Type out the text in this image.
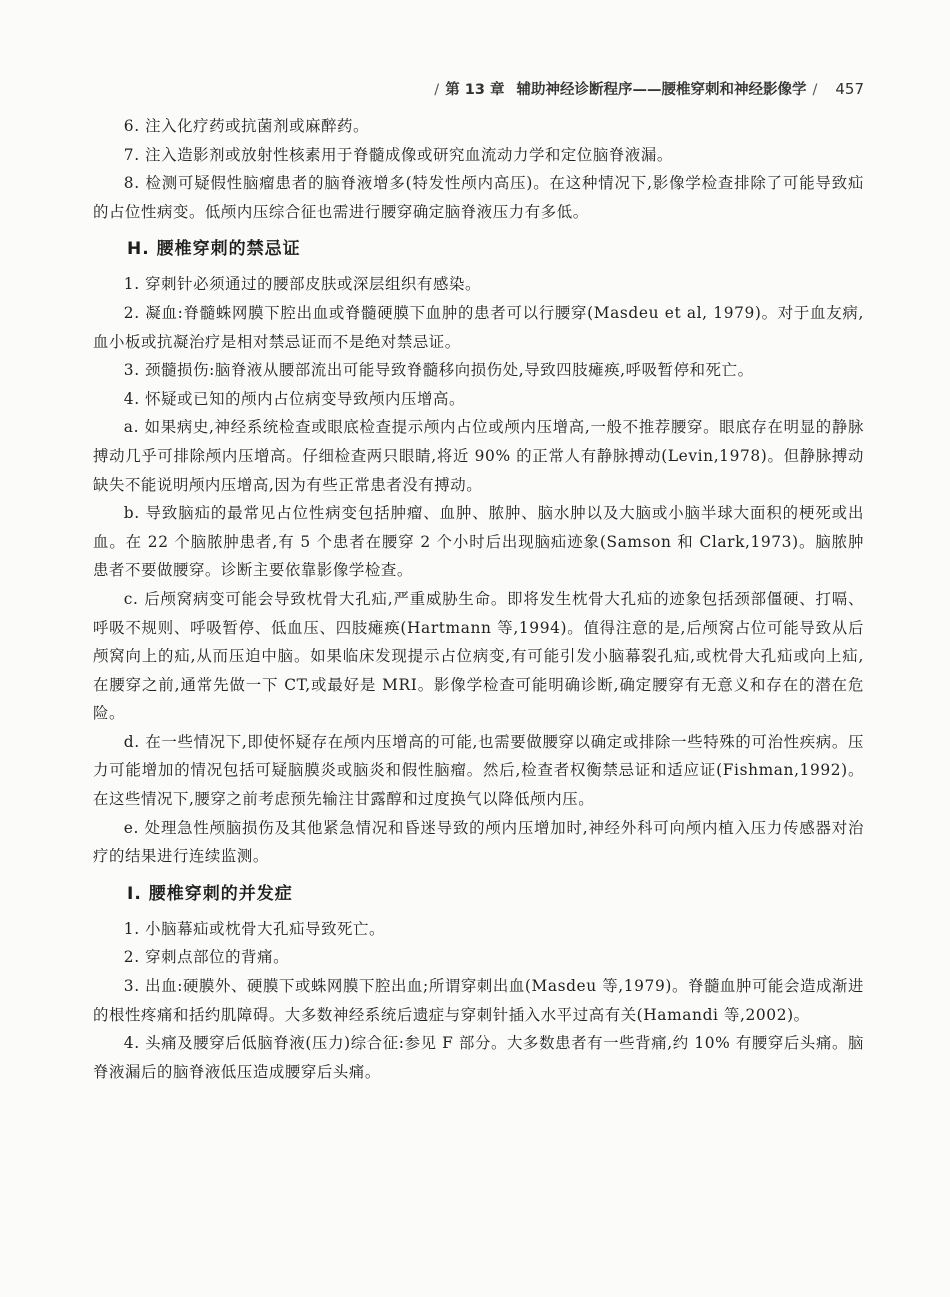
/ 第 13 章 辅助神经诊断程序——腰椎穿刺和神经影像学 / 457

6. 注入化疗药或抗菌剂或麻醉药。

7. 注入造影剂或放射性核素用于脊髓成像或研究血流动力学和定位脑脊液漏。

8. 检测可疑假性脑瘤患者的脑脊液增多(特发性颅内高压)。在这种情况下,影像学检查排除了可能导致疝的占位性病变。低颅内压综合征也需进行腰穿确定脑脊液压力有多低。

H. 腰椎穿刺的禁忌证

1. 穿刺针必须通过的腰部皮肤或深层组织有感染。

2. 凝血:脊髓蛛网膜下腔出血或脊髓硬膜下血肿的患者可以行腰穿(Masdeu et al, 1979)。对于血友病,血小板或抗凝治疗是相对禁忌证而不是绝对禁忌证。

3. 颈髓损伤:脑脊液从腰部流出可能导致脊髓移向损伤处,导致四肢瘫痪,呼吸暂停和死亡。

4. 怀疑或已知的颅内占位病变导致颅内压增高。

a. 如果病史,神经系统检查或眼底检查提示颅内占位或颅内压增高,一般不推荐腰穿。眼底存在明显的静脉搏动几乎可排除颅内压增高。仔细检查两只眼睛,将近 90% 的正常人有静脉搏动(Levin,1978)。但静脉搏动缺失不能说明颅内压增高,因为有些正常患者没有搏动。

b. 导致脑疝的最常见占位性病变包括肿瘤、血肿、脓肿、脑水肿以及大脑或小脑半球大面积的梗死或出血。在 22 个脑脓肿患者,有 5 个患者在腰穿 2 个小时后出现脑疝迹象(Samson 和 Clark,1973)。脑脓肿患者不要做腰穿。诊断主要依靠影像学检查。

c. 后颅窝病变可能会导致枕骨大孔疝,严重威胁生命。即将发生枕骨大孔疝的迹象包括颈部僵硬、打嗝、呼吸不规则、呼吸暂停、低血压、四肢瘫痪(Hartmann 等,1994)。值得注意的是,后颅窝占位可能导致从后颅窝向上的疝,从而压迫中脑。如果临床发现提示占位病变,有可能引发小脑幕裂孔疝,或枕骨大孔疝或向上疝,在腰穿之前,通常先做一下 CT,或最好是 MRI。影像学检查可能明确诊断,确定腰穿有无意义和存在的潜在危险。

d. 在一些情况下,即使怀疑存在颅内压增高的可能,也需要做腰穿以确定或排除一些特殊的可治性疾病。压力可能增加的情况包括可疑脑膜炎或脑炎和假性脑瘤。然后,检查者权衡禁忌证和适应证(Fishman,1992)。在这些情况下,腰穿之前考虑预先输注甘露醇和过度换气以降低颅内压。

e. 处理急性颅脑损伤及其他紧急情况和昏迷导致的颅内压增加时,神经外科可向颅内植入压力传感器对治疗的结果进行连续监测。

I. 腰椎穿刺的并发症

1. 小脑幕疝或枕骨大孔疝导致死亡。

2. 穿刺点部位的背痛。

3. 出血:硬膜外、硬膜下或蛛网膜下腔出血;所谓穿刺出血(Masdeu 等,1979)。脊髓血肿可能会造成渐进的根性疼痛和括约肌障碍。大多数神经系统后遗症与穿刺针插入水平过高有关(Hamandi 等,2002)。

4. 头痛及腰穿后低脑脊液(压力)综合征:参见 F 部分。大多数患者有一些背痛,约 10% 有腰穿后头痛。脑脊液漏后的脑脊液低压造成腰穿后头痛。
